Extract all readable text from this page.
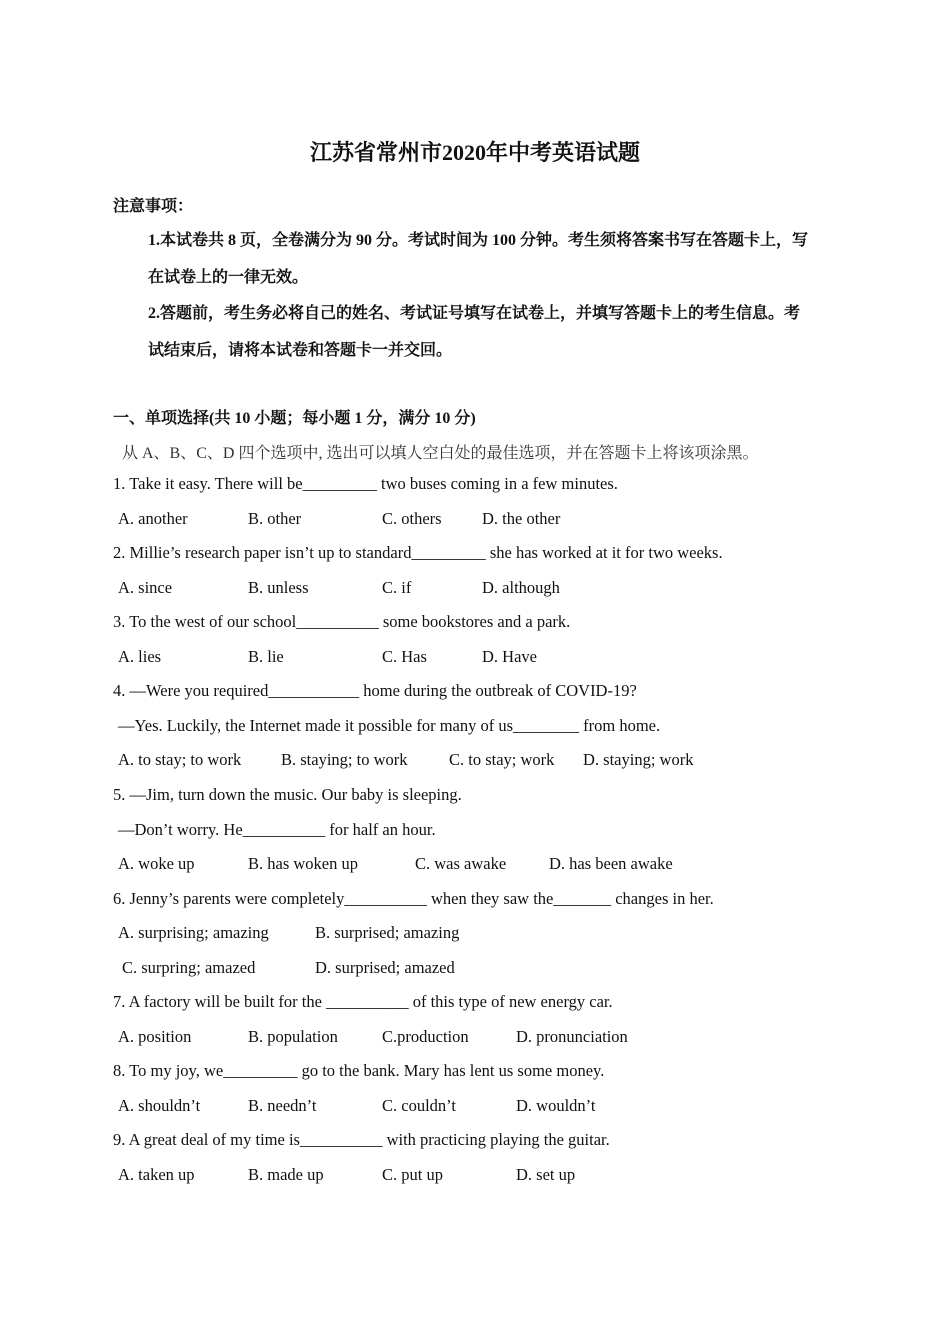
江苏省常州市2020年中考英语试题
注意事项：
1.本试卷共 8 页，全卷满分为 90 分。考试时间为 100 分钟。考生须将答案书写在答题卡上，写
在试卷上的一律无效。
2.答题前，考生务必将自己的姓名、考试证号填写在试卷上，并填写答题卡上的考生信息。考
试结束后，请将本试卷和答题卡一并交回。
一、单项选择(共 10 小题；每小题 1 分，满分 10 分)
从 A、B、C、D 四个选项中, 选出可以填人空白处的最佳选项，并在答题卡上将该项涂黑。
1. Take it easy. There will be_________ two buses coming in a few minutes.
A. another	B. other	C. others D. the other
2. Millie’s research paper isn’t up to standard_________ she has worked at it for two weeks.
A. since	B. unless	C. if	D. although
3. To the west of our school__________ some bookstores and a park.
A. lies	B. lie	C. Has	D. Have
4. —Were you required___________ home during the outbreak of COVID-19?
—Yes. Luckily, the Internet made it possible for many of us________ from home.
A. to stay; to work B. staying; to work	C. to stay; work D. staying; work
5. —Jim, turn down the music. Our baby is sleeping.
—Don’t worry. He__________ for half an hour.
A. woke up	B. has woken up	C. was awake	D. has been awake
6. Jenny’s parents were completely__________ when they saw the_______ changes in her.
A. surprising; amazing	B. surprised; amazing
C. surpring; amazed	D. surprised; amazed
7. A factory will be built for the __________ of this type of new energy car.
A. position	B. population	C.production	D. pronunciation
8. To my joy, we_________ go to the bank. Mary has lent us some money.
A. shouldn’t	B. needn’t	C. couldn’t	D. wouldn’t
9. A great deal of my time is__________ with practicing playing the guitar.
A. taken up	B. made up	C. put up	D. set up
